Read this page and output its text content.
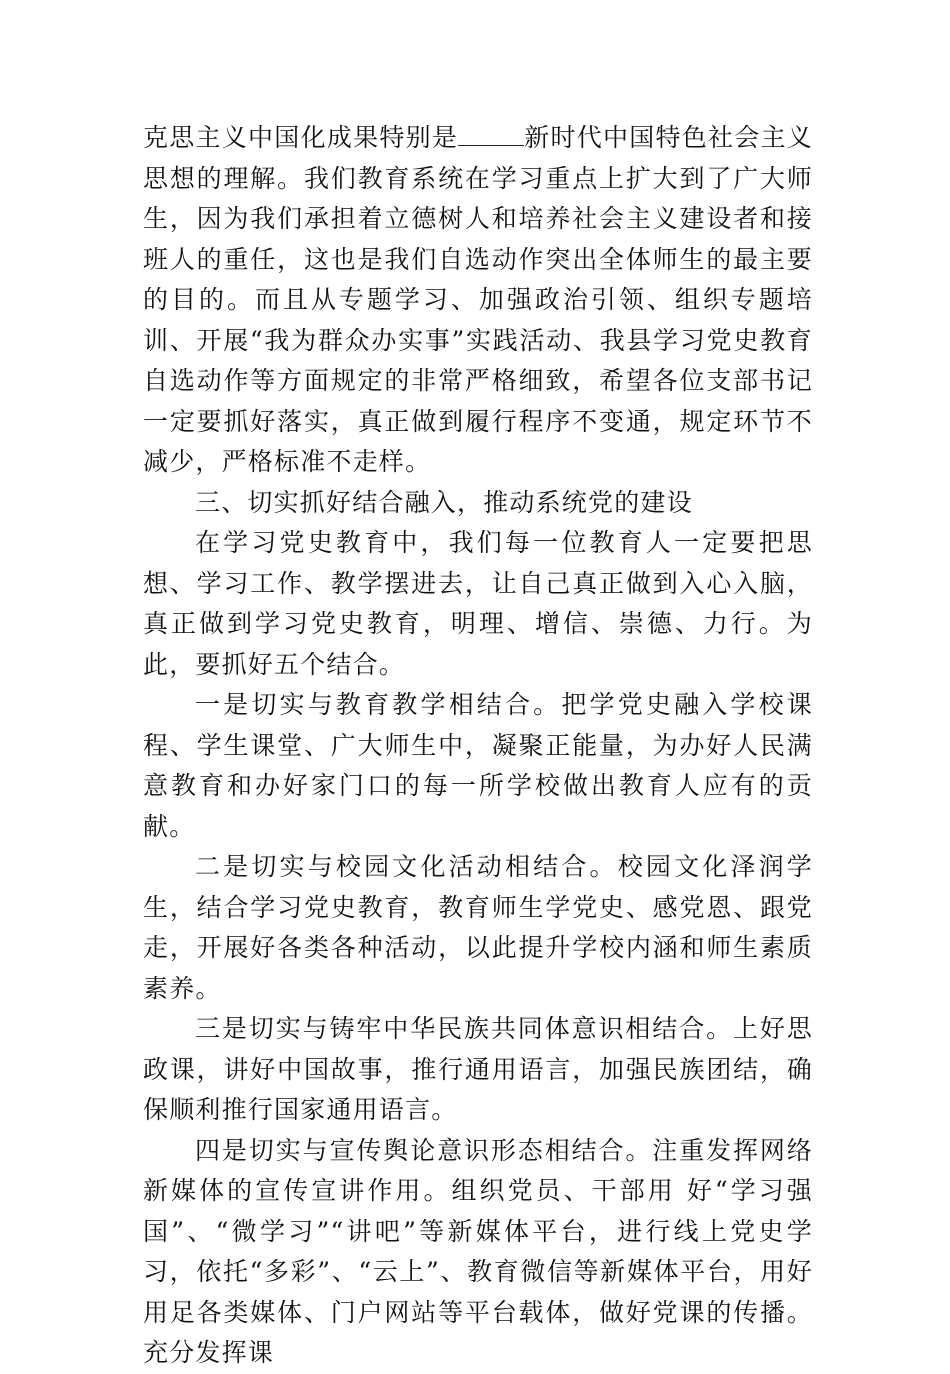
克思主义中国化成果特别是	新时代中国特色社会主义思想的理解。我们教育系统在学习重点上扩大到了广大师生，因为我们承担着立德树人和培养社会主义建设者和接班人的重任，这也是我们自选动作突出全体师生的最主要的目的。而且从专题学习、加强政治引领、组织专题培训、开展“我为群众办实事”实践活动、我县学习党史教育自选动作等方面规定的非常严格细致，希望各位支部书记一定要抓好落实，真正做到履行程序不变通，规定环节不减少，严格标准不走样。

三、切实抓好结合融入，推动系统党的建设

在学习党史教育中，我们每一位教育人一定要把思想、学习工作、教学摆进去，让自己真正做到入心入脑，真正做到学习党史教育，明理、增信、崇德、力行。为此，要抓好五个结合。

一是切实与教育教学相结合。把学党史融入学校课程、学生课堂、广大师生中，凝聚正能量，为办好人民满意教育和办好家门口的每一所学校做出教育人应有的贡献。

二是切实与校园文化活动相结合。校园文化泽润学生，结合学习党史教育，教育师生学党史、感党恩、跟党走，开展好各类各种活动，以此提升学校内涵和师生素质素养。

三是切实与铸牢中华民族共同体意识相结合。上好思政课，讲好中国故事，推行通用语言，加强民族团结，确保顺利推行国家通用语言。

四是切实与宣传舆论意识形态相结合。注重发挥网络新媒体的宣传宣讲作用。组织党员、干部用 好“学习强国”、“微学习”“讲吧”等新媒体平台，进行线上党史学习，依托“多彩”、“云上”、教育微信等新媒体平台，用好用足各类媒体、门户网站等平台载体，做好党课的传播。充分发挥课
